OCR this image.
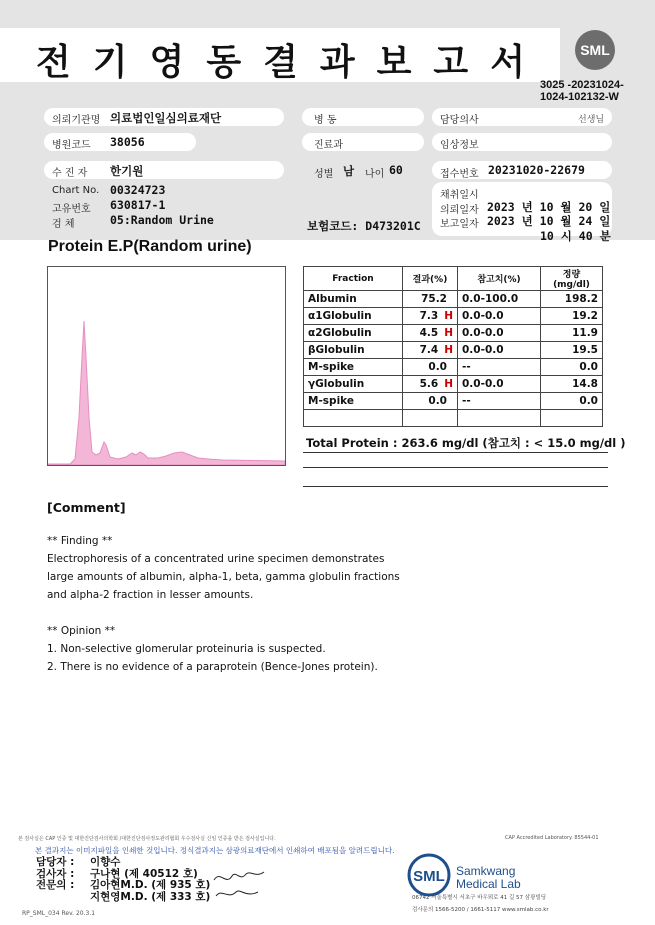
전기영동결과보고서	SML
3025 -20231024-1024-102132-W
의뢰기관명 의료법인일심의료재단	병 동	담당의사	선생님
병원코드 38056	진료과	임상정보
수 진 자 한기원	성별 남 나이 60	접수번호 20231020-22679
Chart No. 00324723
고유번호 630817-1
검 체	05:Random Urine
채취일시
의뢰일자 2023 년 10 월 20 일
보고일자 2023 년 10 월 24 일
10 시 40 분
보험코드: D473201C
Protein E.P(Random urine)
Fraction	결과(%)	참고치(%)	정량(mg/dl)
Albumin	75.2	0.0-100.0	198.2
α1Globulin	7.3 H	0.0-0.0	19.2
α2Globulin	4.5 H	0.0-0.0	11.9
βGlobulin	7.4 H	0.0-0.0	19.5
M-spike	0.0	--	0.0
γGlobulin	5.6 H	0.0-0.0	14.8
M-spike	0.0	--	0.0

Total Protein : 263.6 mg/dl (참고치 : < 15.0 mg/dl )
[Comment]
** Finding **
Electrophoresis of a concentrated urine specimen demonstrates
large amounts of albumin, alpha-1, beta, gamma globulin fractions
and alpha-2 fraction in lesser amounts.
** Opinion **
1. Non-selective glomerular proteinuria is suspected.
2. There is no evidence of a paraprotein (Bence-Jones protein).
본 검사실은 CAP 인증 및 대한진단검사의학회 /대한진단검사정도관리협회 우수검사실 신임 인증을 받은 검사실입니다.	CAP Accredited Laboratory. 85544-01
본 결과지는 이미지파일을 인쇄한 것입니다. 정식결과지는 삼광의료재단에서 인쇄하여 배포됨을 알려드립니다.
담당자 : 이향수
검사자 : 구나현 (제 40512 호)
전문의 : 김아현M.D. (제 935 호)
지현영M.D. (제 333 호)
SML Samkwang
Medical Lab
06742 서울특별시 서초구 바우뫼로 41 길 57 삼광빌딩
검사문의 1566-5200 / 1661-5117 www.smlab.co.kr
RP_SML_034 Rev. 20.3.1
